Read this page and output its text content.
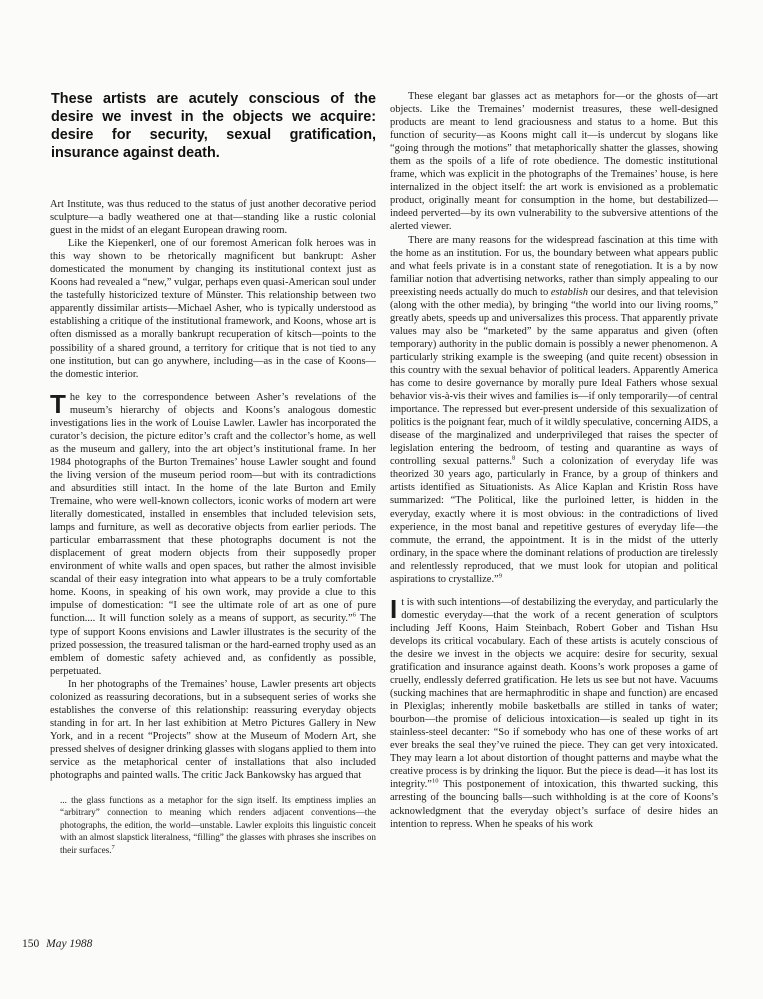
These artists are acutely conscious of the desire we invest in the objects we acquire: desire for security, sexual gratification, insurance against death.

Art Institute, was thus reduced to the status of just another decorative period sculpture—a badly weathered one at that—standing like a rustic colonial guest in the midst of an elegant European drawing room.

Like the Kiepenkerl, one of our foremost American folk heroes was in this way shown to be rhetorically magnificent but bankrupt: Asher domesticated the monument by changing its institutional context just as Koons had revealed a “new,” vulgar, perhaps even quasi-American soul under the tastefully historicized texture of Münster. This relationship between two apparently dissimilar artists—Michael Asher, who is typically understood as establishing a critique of the institutional framework, and Koons, whose art is often dismissed as a morally bankrupt recuperation of kitsch—points to the possibility of a shared ground, a territory for critique that is not tied to any one institution, but can go anywhere, including—as in the case of Koons—the domestic interior.

The key to the correspondence between Asher’s revelations of the museum’s hierarchy of objects and Koons’s analogous domestic investigations lies in the work of Louise Lawler. Lawler has incorporated the curator’s decision, the picture editor’s craft and the collector’s home, as well as the museum and gallery, into the art object’s institutional frame. In her 1984 photographs of the Burton Tremaines’ house Lawler sought and found the living version of the museum period room—but with its contradictions and absurdities still intact. In the home of the late Burton and Emily Tremaine, who were well-known collectors, iconic works of modern art were literally domesticated, installed in ensembles that included television sets, lamps and furniture, as well as decorative objects from earlier periods. The particular embarrassment that these photographs document is not the displacement of great modern objects from their supposedly proper environment of white walls and open spaces, but rather the almost invisible scandal of their easy integration into what appears to be a truly comfortable home. Koons, in speaking of his own work, may provide a clue to this impulse of domestication: “I see the ultimate role of art as one of pure function.... It will function solely as a means of support, as security.”$^6$ The type of support Koons envisions and Lawler illustrates is the security of the prized possession, the treasured talisman or the hard-earned trophy used as an emblem of domestic safety achieved and, as confidently as possible, perpetuated.

In her photographs of the Tremaines’ house, Lawler presents art objects colonized as reassuring decorations, but in a subsequent series of works she establishes the converse of this relationship: reassuring everyday objects standing in for art. In her last exhibition at Metro Pictures Gallery in New York, and in a recent “Projects” show at the Museum of Modern Art, she pressed shelves of designer drinking glasses with slogans applied to them into service as the metaphorical center of installations that also included photographs and painted walls. The critic Jack Bankowsky has argued that

... the glass functions as a metaphor for the sign itself. Its emptiness implies an “arbitrary” connection to meaning which renders adjacent conventions—the photographs, the edition, the world—unstable. Lawler exploits this linguistic conceit with an almost slapstick literalness, “filling” the glasses with phrases she inscribes on their surfaces.$^7$

These elegant bar glasses act as metaphors for—or the ghosts of—art objects. Like the Tremaines’ modernist treasures, these well-designed products are meant to lend graciousness and status to a home. But this function of security—as Koons might call it—is undercut by slogans like “going through the motions” that metaphorically shatter the glasses, showing them as the spoils of a life of rote obedience. The domestic institutional frame, which was explicit in the photographs of the Tremaines’ house, is here internalized in the object itself: the art work is envisioned as a problematic product, originally meant for consumption in the home, but destabilized—indeed perverted—by its own vulnerability to the subversive attentions of the alerted viewer.

There are many reasons for the widespread fascination at this time with the home as an institution. For us, the boundary between what appears public and what feels private is in a constant state of renegotiation. It is a by now familiar notion that advertising networks, rather than simply appealing to our preexisting needs actually do much to establish our desires, and that television (along with the other media), by bringing “the world into our living rooms,” greatly abets, speeds up and universalizes this process. That apparently private values may also be “marketed” by the same apparatus and given (often temporary) authority in the public domain is possibly a newer phenomenon. A particularly striking example is the sweeping (and quite recent) obsession in this country with the sexual behavior of political leaders. Apparently America has come to desire governance by morally pure Ideal Fathers whose sexual behavior vis-à-vis their wives and families is—if only temporarily—of central importance. The repressed but ever-present underside of this sexualization of politics is the poignant fear, much of it wildly speculative, concerning AIDS, a disease of the marginalized and underprivileged that raises the specter of legislation entering the bedroom, of testing and quarantine as ways of controlling sexual patterns.$^8$ Such a colonization of everyday life was theorized 30 years ago, particularly in France, by a group of thinkers and artists identified as Situationists. As Alice Kaplan and Kristin Ross have summarized: “The Political, like the purloined letter, is hidden in the everyday, exactly where it is most obvious: in the contradictions of lived experience, in the most banal and repetitive gestures of everyday life—the commute, the errand, the appointment. It is in the midst of the utterly ordinary, in the space where the dominant relations of production are tirelessly and relentlessly reproduced, that we must look for utopian and political aspirations to crystallize.”$^9$

It is with such intentions—of destabilizing the everyday, and particularly the domestic everyday—that the work of a recent generation of sculptors including Jeff Koons, Haim Steinbach, Robert Gober and Tishan Hsu develops its critical vocabulary. Each of these artists is acutely conscious of the desire we invest in the objects we acquire: desire for security, sexual gratification and insurance against death. Koons’s work proposes a game of cruelly, endlessly deferred gratification. He lets us see but not have. Vacuums (sucking machines that are hermaphroditic in shape and function) are encased in Plexiglas; inherently mobile basketballs are stilled in tanks of water; bourbon—the promise of delicious intoxication—is sealed up tight in its stainless-steel decanter: “So if somebody who has one of these works of art ever breaks the seal they’ve ruined the piece. They can get very intoxicated. They may learn a lot about distortion of thought patterns and maybe what the creative process is by drinking the liquor. But the piece is dead—it has lost its integrity.”$^{10}$ This postponement of intoxication, this thwarted sucking, this arresting of the bouncing balls—such withholding is at the core of Koons’s acknowledgment that the everyday object’s surface of desire hides an intention to repress. When he speaks of his work

150 May 1988
